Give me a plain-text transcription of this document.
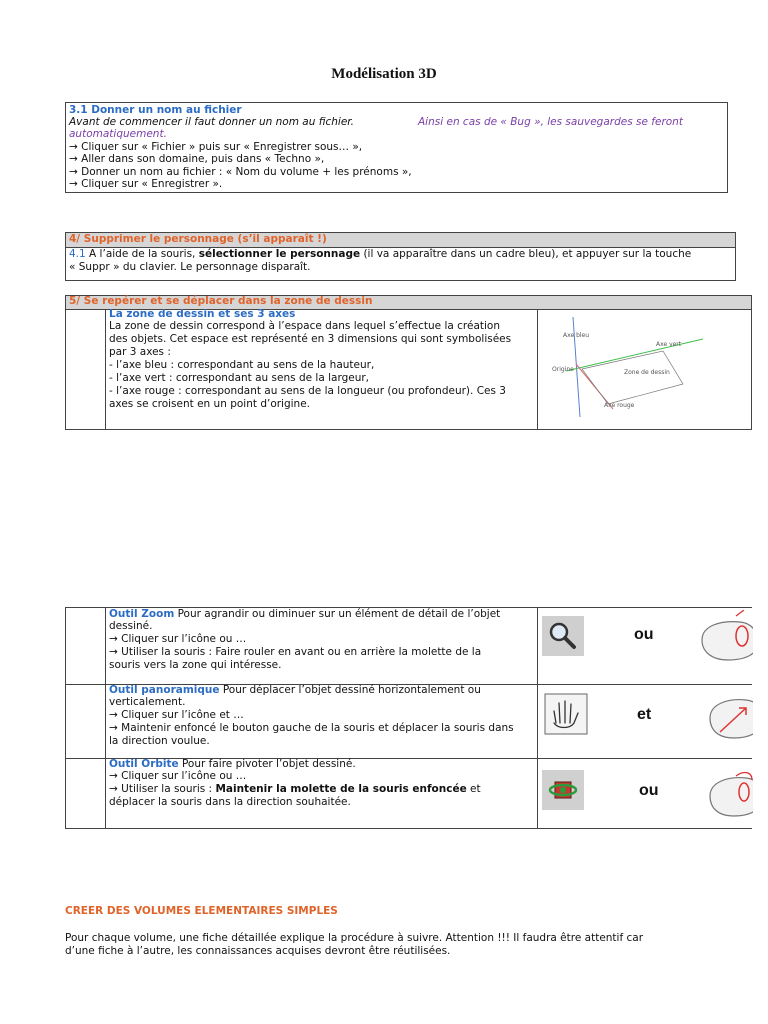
Modélisation 3D
3.1 Donner un nom au fichier
Avant de commencer il faut donner un nom au fichier.	Ainsi en cas de « Bug », les sauvegardes se feront
automatiquement.
→ Cliquer sur « Fichier » puis sur « Enregistrer sous… »,
→ Aller dans son domaine, puis dans « Techno »,
→ Donner un nom au fichier : « Nom du volume + les prénoms »,
→ Cliquer sur « Enregistrer ».
4/ Supprimer le personnage (s’il apparaît !)
4.1 A l’aide de la souris, sélectionner le personnage (il va apparaître dans un cadre bleu), et appuyer sur la touche
« Suppr » du clavier. Le personnage disparaît.
5/ Se repérer et se déplacer dans la zone de dessin
La zone de dessin et ses 3 axes
La zone de dessin correspond à l’espace dans lequel s’effectue la création
des objets. Cet espace est représenté en 3 dimensions qui sont symbolisées
par 3 axes :
- l’axe bleu : correspondant au sens de la hauteur,
- l’axe vert : correspondant au sens de la largeur,
- l’axe rouge : correspondant au sens de la longueur (ou profondeur). Ces 3
axes se croisent en un point d’origine.
Axe bleu
Axe vert
Origine	Zone de dessin
Axe rouge
Outil Zoom Pour agrandir ou diminuer sur un élément de détail de l’objet
dessiné.
→ Cliquer sur l’icône ou …
→ Utiliser la souris : Faire rouler en avant ou en arrière la molette de la
souris vers la zone qui intéresse.
ou
Outil panoramique Pour déplacer l’objet dessiné horizontalement ou
verticalement.
→ Cliquer sur l’icône et …
→ Maintenir enfoncé le bouton gauche de la souris et déplacer la souris dans
la direction voulue.
et
Outil Orbite Pour faire pivoter l’objet dessiné.
→ Cliquer sur l’icône ou …
→ Utiliser la souris : Maintenir la molette de la souris enfoncée et
déplacer la souris dans la direction souhaitée.
ou
CREER DES VOLUMES ELEMENTAIRES SIMPLES
Pour chaque volume, une fiche détaillée explique la procédure à suivre. Attention !!! Il faudra être attentif car
d’une fiche à l’autre, les connaissances acquises devront être réutilisées.
